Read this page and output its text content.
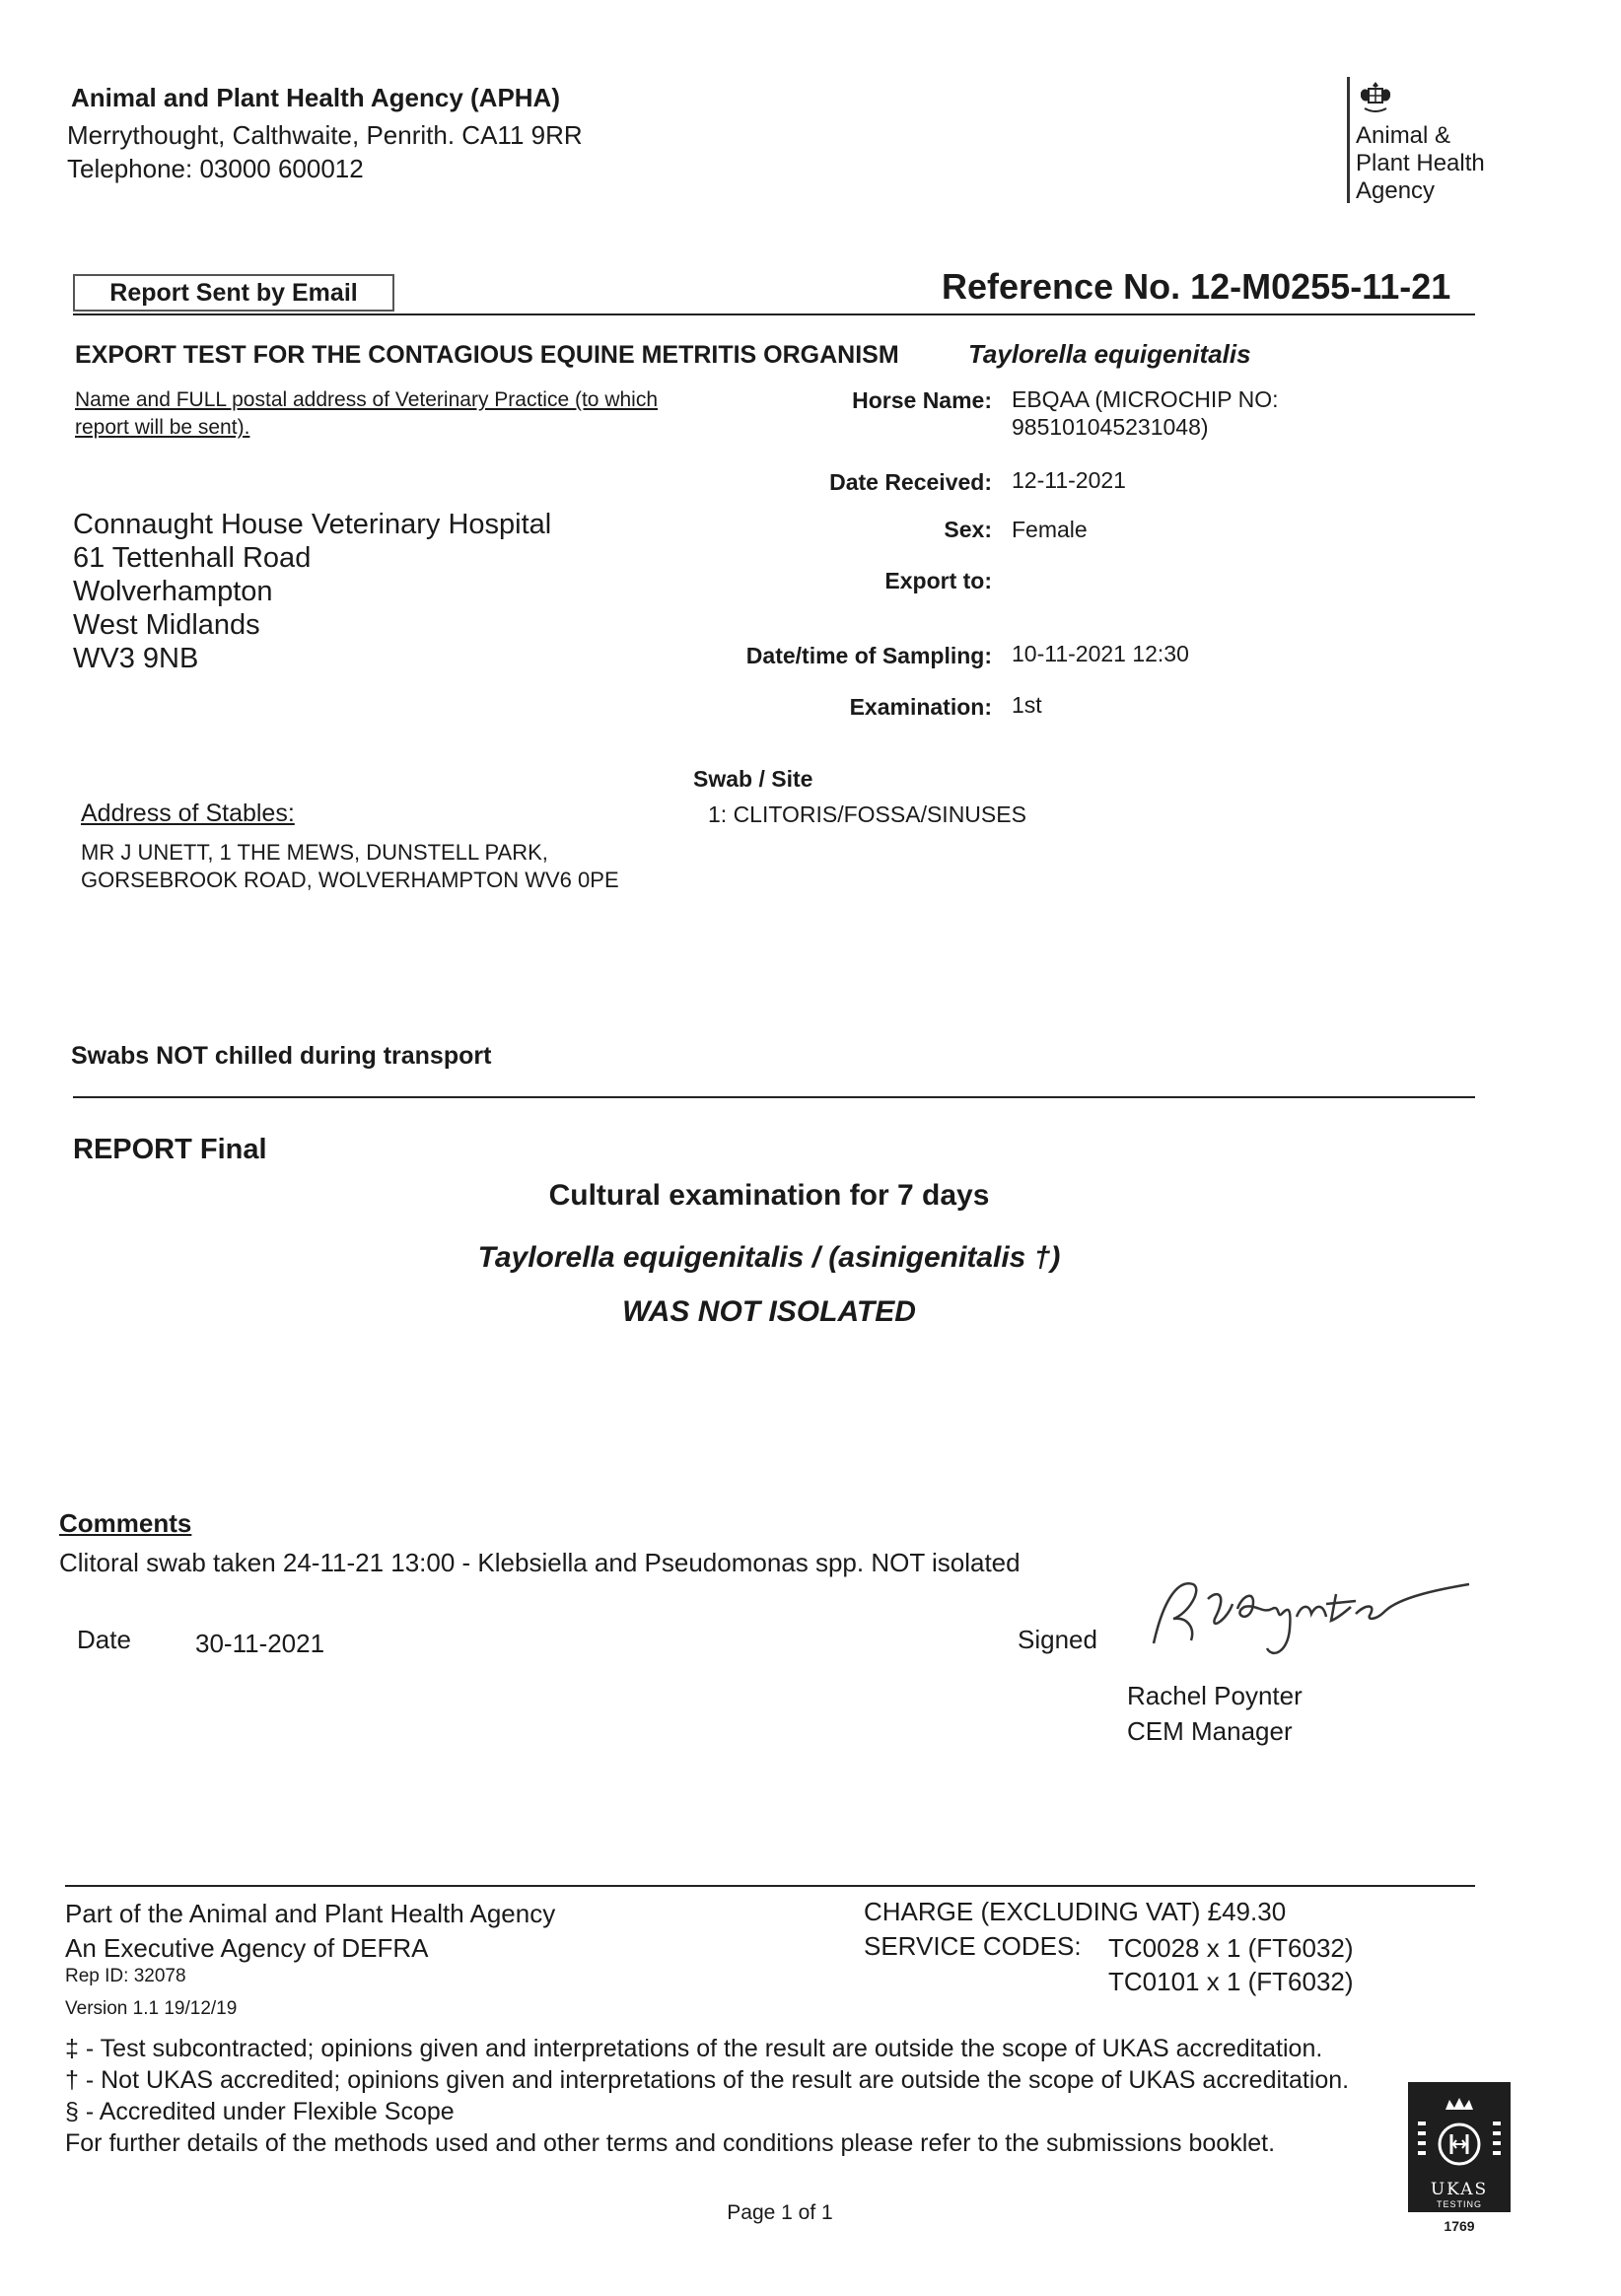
Animal and Plant Health Agency (APHA)
Merrythought, Calthwaite, Penrith. CA11 9RR
Telephone: 03000 600012
Animal &
Plant Health
Agency
Report Sent by Email	Reference No. 12-M0255-11-21
EXPORT TEST FOR THE CONTAGIOUS EQUINE METRITIS ORGANISM	Taylorella equigenitalis
Name and FULL postal address of Veterinary Practice (to which
report will be sent).
Connaught House Veterinary Hospital
61 Tettenhall Road
Wolverhampton
West Midlands
WV3 9NB
Horse Name: EBQAA (MICROCHIP NO:
985101045231048)
Date Received: 12-11-2021
Sex: Female
Export to:
Date/time of Sampling: 10-11-2021 12:30
Examination: 1st
Swab / Site
1: CLITORIS/FOSSA/SINUSES
Address of Stables:
MR J UNETT, 1 THE MEWS, DUNSTELL PARK,
GORSEBROOK ROAD, WOLVERHAMPTON WV6 0PE
Swabs NOT chilled during transport
REPORT Final
Cultural examination for 7 days
Taylorella equigenitalis / (asinigenitalis †)
WAS NOT ISOLATED
Comments
Clitoral swab taken 24-11-21 13:00 - Klebsiella and Pseudomonas spp. NOT isolated
Date	30-11-2021	Signed
R Poynter
Rachel Poynter
CEM Manager
Part of the Animal and Plant Health Agency
An Executive Agency of DEFRA
Rep ID: 32078
Version 1.1 19/12/19
CHARGE (EXCLUDING VAT) £49.30
SERVICE CODES: TC0028 x 1 (FT6032)
TC0101 x 1 (FT6032)
‡ - Test subcontracted; opinions given and interpretations of the result are outside the scope of UKAS accreditation.
† - Not UKAS accredited; opinions given and interpretations of the result are outside the scope of UKAS accreditation.
§ - Accredited under Flexible Scope
For further details of the methods used and other terms and conditions please refer to the submissions booklet.
Page 1 of 1
UKAS
TESTING
1769
